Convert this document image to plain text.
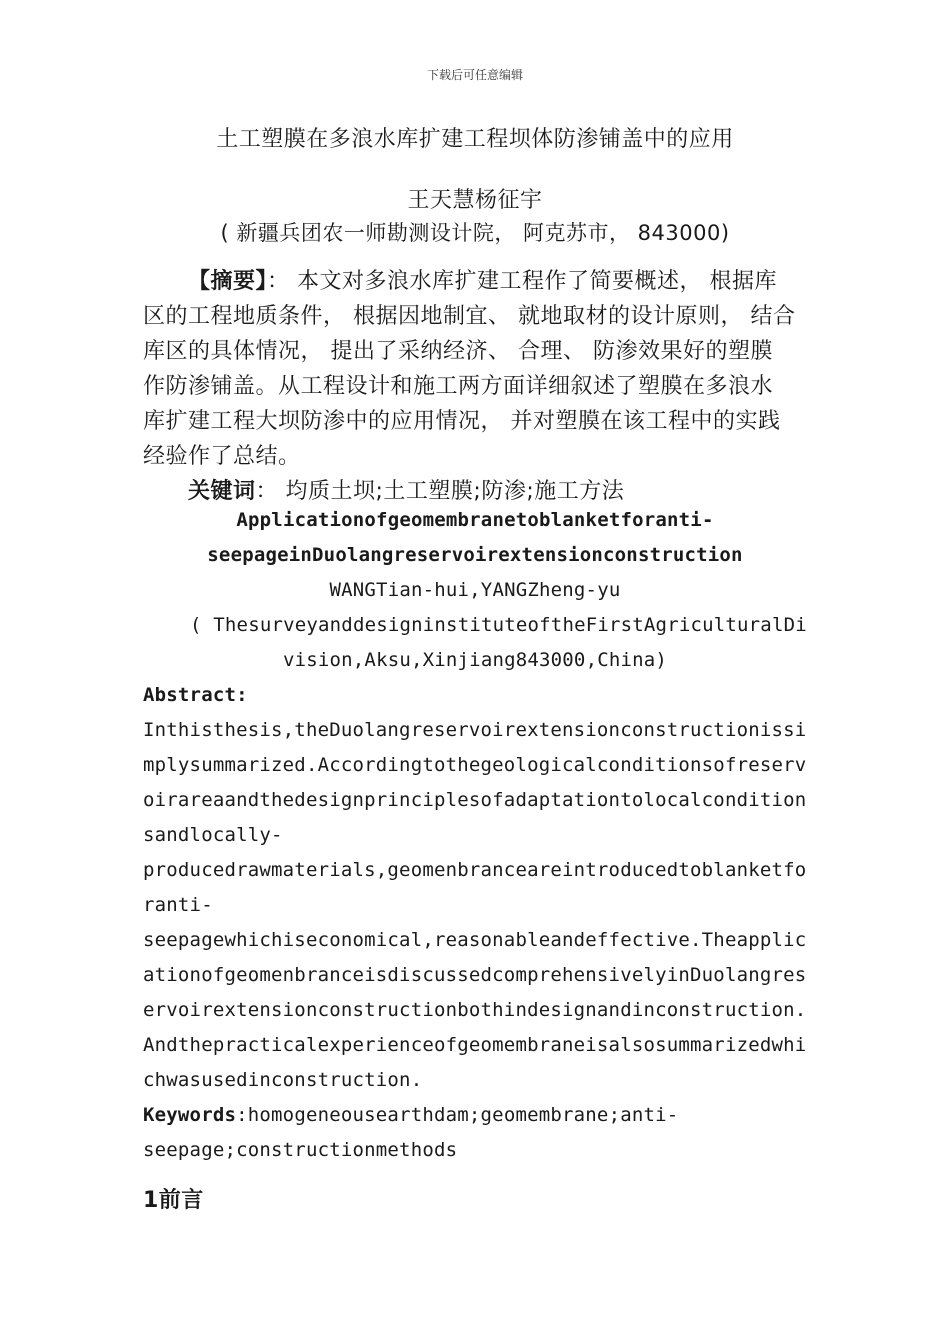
下载后可任意编辑
土工塑膜在多浪水库扩建工程坝体防渗铺盖中的应用
王天慧杨征宇
( 新疆兵团农一师勘测设计院， 阿克苏市， 843000)
【摘要】： 本文对多浪水库扩建工程作了简要概述， 根据库
区的工程地质条件， 根据因地制宜、 就地取材的设计原则， 结合
库区的具体情况， 提出了采纳经济、 合理、 防渗效果好的塑膜
作防渗铺盖。从工程设计和施工两方面详细叙述了塑膜在多浪水
库扩建工程大坝防渗中的应用情况， 并对塑膜在该工程中的实践
经验作了总结。
关键词： 均质土坝;土工塑膜;防渗;施工方法
Applicationofgeomembranetoblanketforanti-
seepageinDuolangreservoirextensionconstruction
WANGTian-hui,YANGZheng-yu
( ThesurveyanddesigninstituteoftheFirstAgriculturalDi
vision,Aksu,Xinjiang843000,China)
Abstract:
Inthisthesis,theDuolangreservoirextensionconstructionissi
mplysummarized.Accordingtothegeologicalconditionsofreserv
oirareaandthedesignprinciplesofadaptationtolocalcondition
sandlocally-
producedrawmaterials,geomenbranceareintroducedtoblanketfo
ranti-
seepagewhichiseconomical,reasonableandeffective.Theapplic
ationofgeomenbranceisdiscussedcomprehensivelyinDuolangres
ervoirextensionconstructionbothindesignandinconstruction.
Andthepracticalexperienceofgeomembraneisalsosummarizedwhi
chwasusedinconstruction.
Keywords:homogeneousearthdam;geomembrane;anti-
seepage;constructionmethods
1前言
